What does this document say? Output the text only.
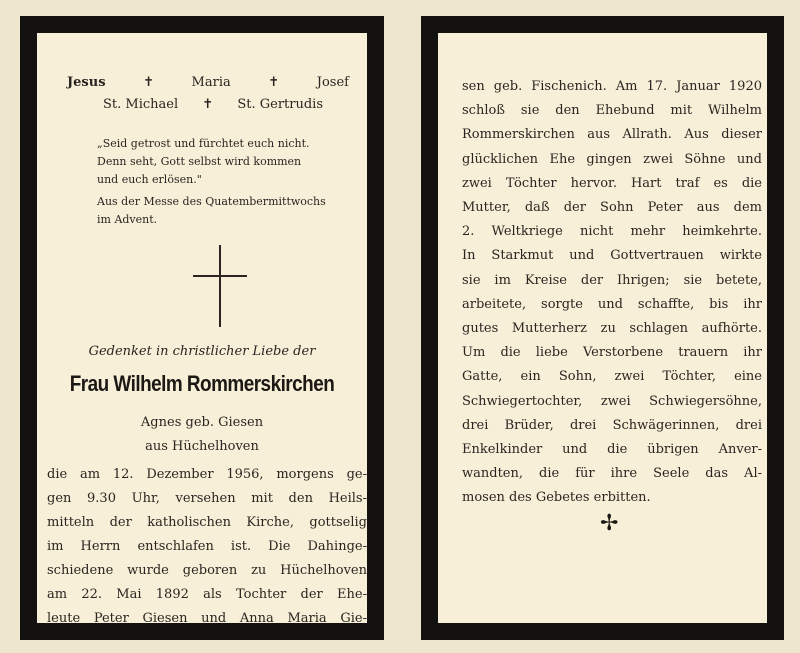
Jesus	✝	Maria	✝	Josef
St. Michael ✝ St. Gertrudis
„Seid getrost und fürchtet euch nicht.
Denn seht, Gott selbst wird kommen
und euch erlösen."
Aus der Messe des Quatembermittwochs
im Advent.
Gedenket in christlicher Liebe der
Frau Wilhelm Rommerskirchen
Agnes geb. Giesen
aus Hüchelhoven
die am 12. Dezember 1956, morgens ge-
gen 9.30 Uhr, versehen mit den Heils-
mitteln der katholischen Kirche, gottselig
im Herrn entschlafen ist. Die Dahinge-
schiedene wurde geboren zu Hüchelhoven
am 22. Mai 1892 als Tochter der Ehe-
leute Peter Giesen und Anna Maria Gie-
sen geb. Fischenich. Am 17. Januar 1920
schloß sie den Ehebund mit Wilhelm
Rommerskirchen aus Allrath. Aus dieser
glücklichen Ehe gingen zwei Söhne und
zwei Töchter hervor. Hart traf es die
Mutter, daß der Sohn Peter aus dem
2. Weltkriege nicht mehr heimkehrte.
In Starkmut und Gottvertrauen wirkte
sie im Kreise der Ihrigen; sie betete,
arbeitete, sorgte und schaffte, bis ihr
gutes Mutterherz zu schlagen aufhörte.
Um die liebe Verstorbene trauern ihr
Gatte, ein Sohn, zwei Töchter, eine
Schwiegertochter, zwei Schwiegersöhne,
drei Brüder, drei Schwägerinnen, drei
Enkelkinder und die übrigen Anver-
wandten, die für ihre Seele das Al-
mosen des Gebetes erbitten.
✢
